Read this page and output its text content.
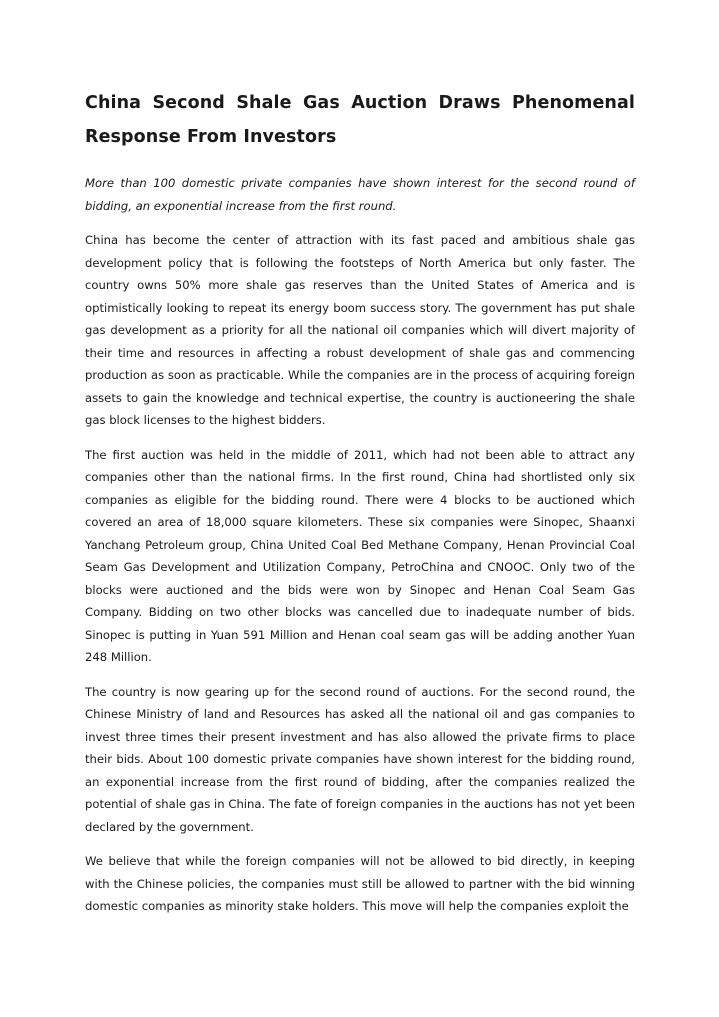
China Second Shale Gas Auction Draws Phenomenal Response From Investors

More than 100 domestic private companies have shown interest for the second round of bidding, an exponential increase from the first round.

China has become the center of attraction with its fast paced and ambitious shale gas development policy that is following the footsteps of North America but only faster. The country owns 50% more shale gas reserves than the United States of America and is optimistically looking to repeat its energy boom success story. The government has put shale gas development as a priority for all the national oil companies which will divert majority of their time and resources in affecting a robust development of shale gas and commencing production as soon as practicable. While the companies are in the process of acquiring foreign assets to gain the knowledge and technical expertise, the country is auctioneering the shale gas block licenses to the highest bidders.

The first auction was held in the middle of 2011, which had not been able to attract any companies other than the national firms. In the first round, China had shortlisted only six companies as eligible for the bidding round. There were 4 blocks to be auctioned which covered an area of 18,000 square kilometers. These six companies were Sinopec, Shaanxi Yanchang Petroleum group, China United Coal Bed Methane Company, Henan Provincial Coal Seam Gas Development and Utilization Company, PetroChina and CNOOC. Only two of the blocks were auctioned and the bids were won by Sinopec and Henan Coal Seam Gas Company. Bidding on two other blocks was cancelled due to inadequate number of bids. Sinopec is putting in Yuan 591 Million and Henan coal seam gas will be adding another Yuan 248 Million.

The country is now gearing up for the second round of auctions. For the second round, the Chinese Ministry of land and Resources has asked all the national oil and gas companies to invest three times their present investment and has also allowed the private firms to place their bids. About 100 domestic private companies have shown interest for the bidding round, an exponential increase from the first round of bidding, after the companies realized the potential of shale gas in China. The fate of foreign companies in the auctions has not yet been declared by the government.

We believe that while the foreign companies will not be allowed to bid directly, in keeping with the Chinese policies, the companies must still be allowed to partner with the bid winning domestic companies as minority stake holders. This move will help the companies exploit the
